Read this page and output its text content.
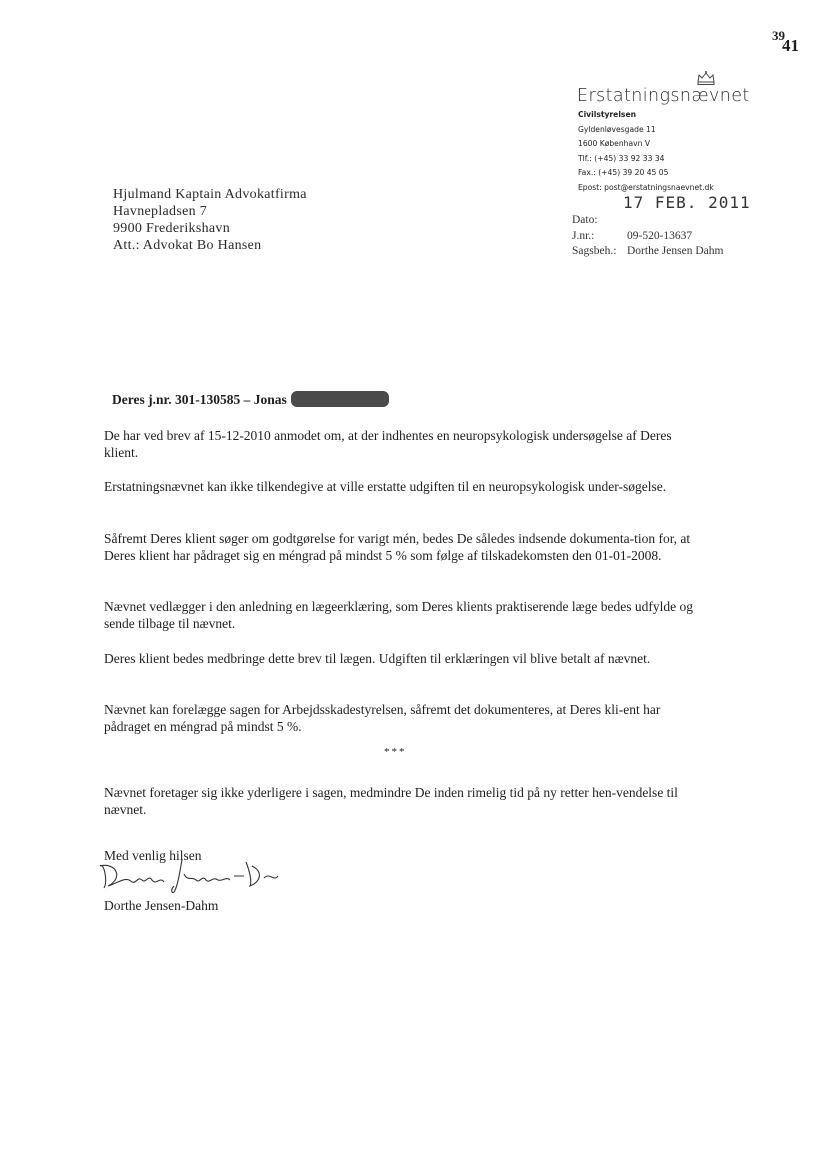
39
41
Erstatningsnævnet
Civilstyrelsen
Gyldenløvesgade 11
1600 København V
Tlf.: (+45) 33 92 33 34
Fax.: (+45) 39 20 45 05
Epost: post@erstatningsnaevnet.dk
17 FEB. 2011
Dato:
J.nr.:	09-520-13637
Sagsbeh.: Dorthe Jensen Dahm
Hjulmand Kaptain Advokatfirma
Havnepladsen 7
9900 Frederikshavn
Att.: Advokat Bo Hansen
Deres j.nr. 301-130585 – Jonas
De har ved brev af 15-12-2010 anmodet om, at der indhentes en neuropsykologisk undersøgelse af Deres klient.
Erstatningsnævnet kan ikke tilkendegive at ville erstatte udgiften til en neuropsykologisk under-søgelse.
Såfremt Deres klient søger om godtgørelse for varigt mén, bedes De således indsende dokumenta-tion for, at Deres klient har pådraget sig en méngrad på mindst 5 % som følge af tilskadekomsten den 01-01-2008.
Nævnet vedlægger i den anledning en lægeerklæring, som Deres klients praktiserende læge bedes udfylde og sende tilbage til nævnet.
Deres klient bedes medbringe dette brev til lægen. Udgiften til erklæringen vil blive betalt af nævnet.
Nævnet kan forelægge sagen for Arbejdsskadestyrelsen, såfremt det dokumenteres, at Deres kli-ent har pådraget en méngrad på mindst 5 %.
***
Nævnet foretager sig ikke yderligere i sagen, medmindre De inden rimelig tid på ny retter hen-vendelse til nævnet.
Med venlig hilsen
Dorthe Jensen-Dahm
